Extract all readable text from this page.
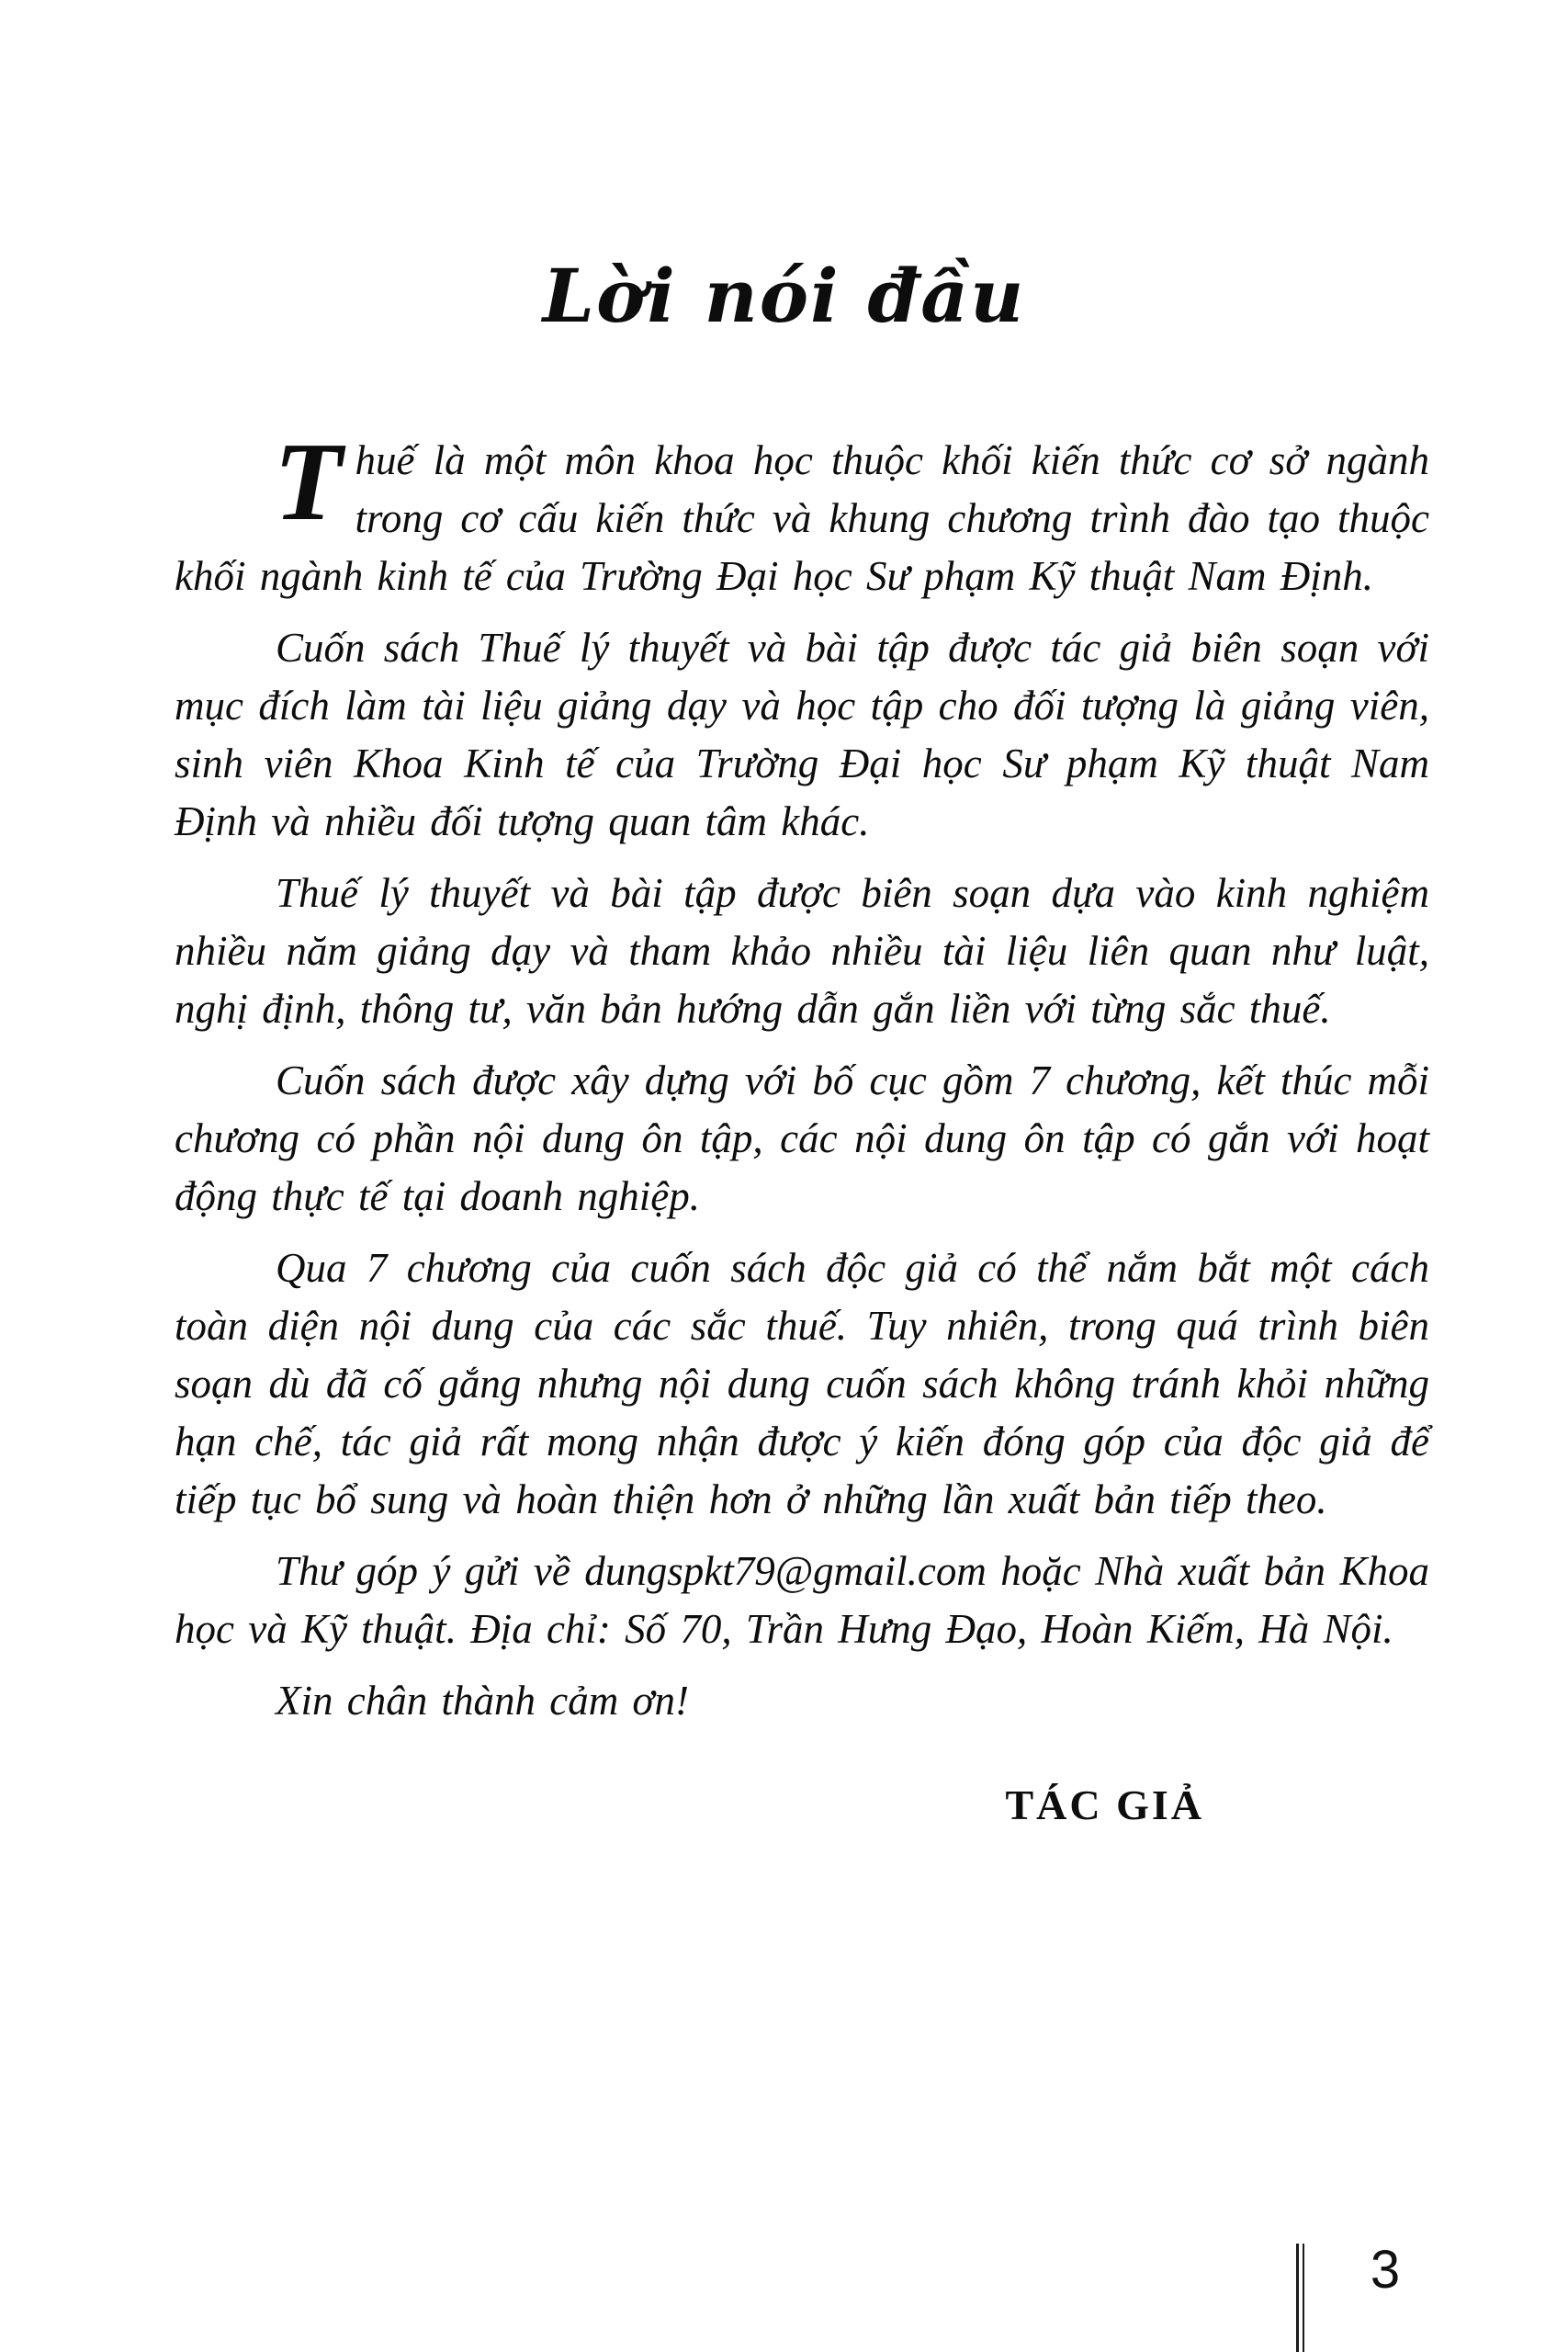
Lời nói đầu

Thuế là một môn khoa học thuộc khối kiến thức cơ sở ngành trong cơ cấu kiến thức và khung chương trình đào tạo thuộc khối ngành kinh tế của Trường Đại học Sư phạm Kỹ thuật Nam Định.

Cuốn sách Thuế lý thuyết và bài tập được tác giả biên soạn với mục đích làm tài liệu giảng dạy và học tập cho đối tượng là giảng viên, sinh viên Khoa Kinh tế của Trường Đại học Sư phạm Kỹ thuật Nam Định và nhiều đối tượng quan tâm khác.

Thuế lý thuyết và bài tập được biên soạn dựa vào kinh nghiệm nhiều năm giảng dạy và tham khảo nhiều tài liệu liên quan như luật, nghị định, thông tư, văn bản hướng dẫn gắn liền với từng sắc thuế.

Cuốn sách được xây dựng với bố cục gồm 7 chương, kết thúc mỗi chương có phần nội dung ôn tập, các nội dung ôn tập có gắn với hoạt động thực tế tại doanh nghiệp.

Qua 7 chương của cuốn sách độc giả có thể nắm bắt một cách toàn diện nội dung của các sắc thuế. Tuy nhiên, trong quá trình biên soạn dù đã cố gắng nhưng nội dung cuốn sách không tránh khỏi những hạn chế, tác giả rất mong nhận được ý kiến đóng góp của độc giả để tiếp tục bổ sung và hoàn thiện hơn ở những lần xuất bản tiếp theo.

Thư góp ý gửi về dungspkt79@gmail.com hoặc Nhà xuất bản Khoa học và Kỹ thuật. Địa chỉ: Số 70, Trần Hưng Đạo, Hoàn Kiếm, Hà Nội.

Xin chân thành cảm ơn!

TÁC GIẢ
3
